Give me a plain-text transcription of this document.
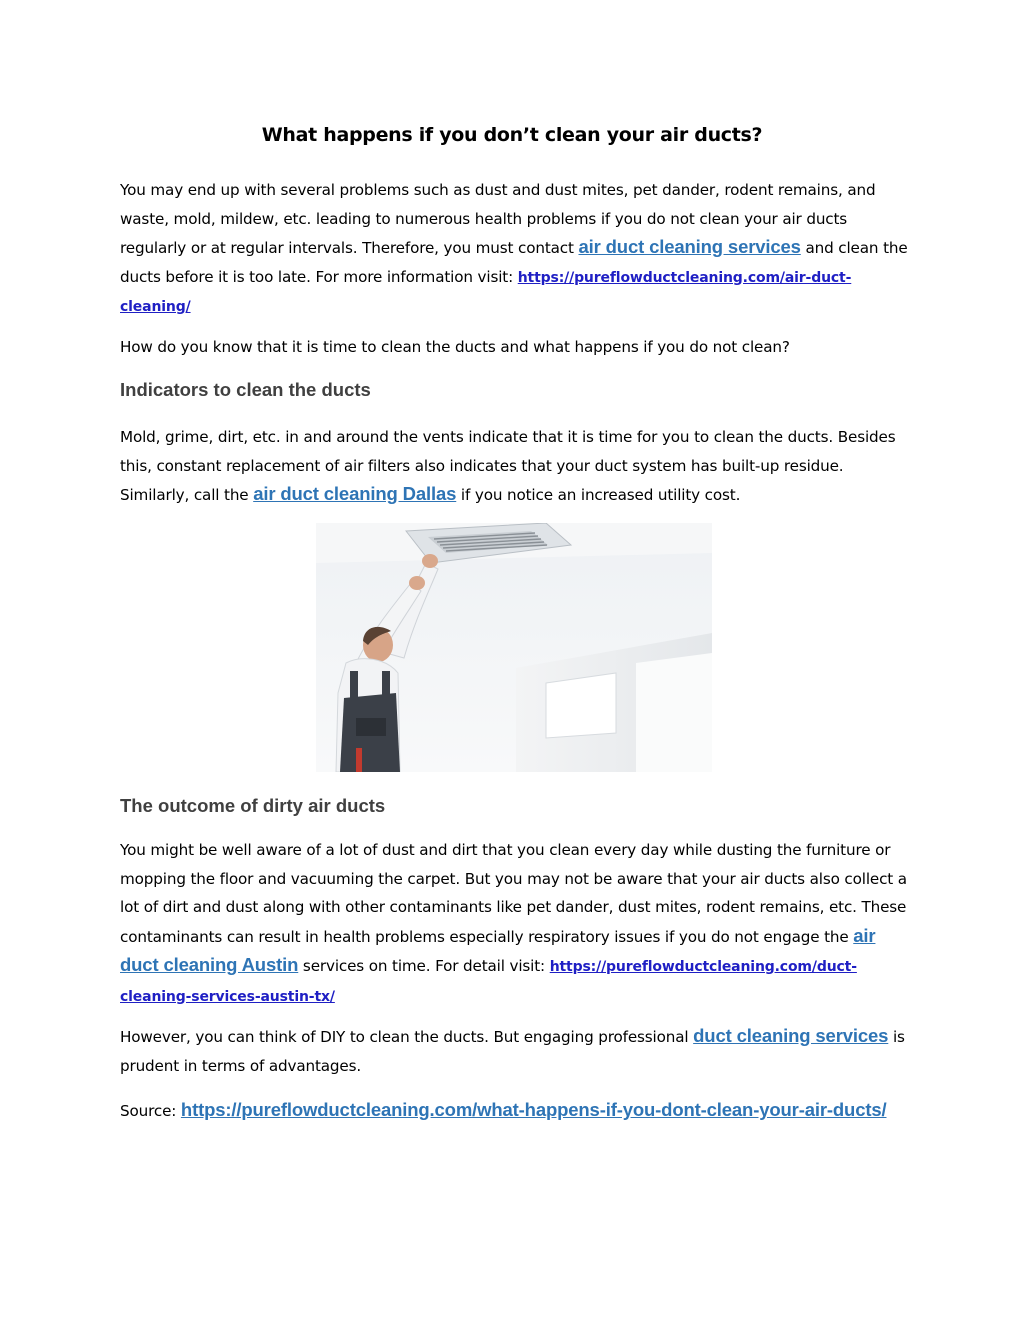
What happens if you don’t clean your air ducts?
You may end up with several problems such as dust and dust mites, pet dander, rodent remains, and waste, mold, mildew, etc. leading to numerous health problems if you do not clean your air ducts regularly or at regular intervals. Therefore, you must contact air duct cleaning services and clean the ducts before it is too late. For more information visit: https://pureflowductcleaning.com/air-duct-cleaning/
How do you know that it is time to clean the ducts and what happens if you do not clean?
Indicators to clean the ducts
Mold, grime, dirt, etc. in and around the vents indicate that it is time for you to clean the ducts. Besides this, constant replacement of air filters also indicates that your duct system has built-up residue. Similarly, call the air duct cleaning Dallas if you notice an increased utility cost.
The outcome of dirty air ducts
You might be well aware of a lot of dust and dirt that you clean every day while dusting the furniture or mopping the floor and vacuuming the carpet. But you may not be aware that your air ducts also collect a lot of dirt and dust along with other contaminants like pet dander, dust mites, rodent remains, etc. These contaminants can result in health problems especially respiratory issues if you do not engage the air duct cleaning Austin services on time. For detail visit: https://pureflowductcleaning.com/duct-cleaning-services-austin-tx/
However, you can think of DIY to clean the ducts. But engaging professional duct cleaning services is prudent in terms of advantages.
Source: https://pureflowductcleaning.com/what-happens-if-you-dont-clean-your-air-ducts/
